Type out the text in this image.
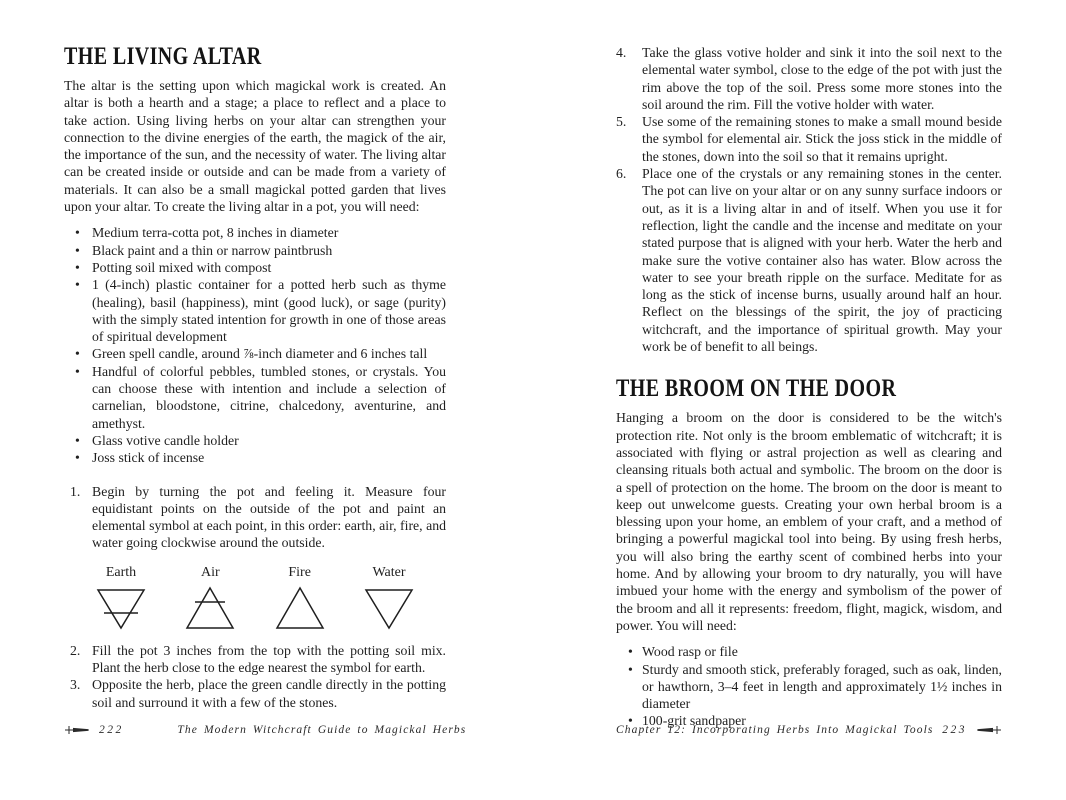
THE LIVING ALTAR

The altar is the setting upon which magickal work is created. An altar is both a hearth and a stage; a place to reflect and a place to take action. Using living herbs on your altar can strengthen your connection to the divine energies of the earth, the magick of the air, the importance of the sun, and the necessity of water. The living altar can be created inside or outside and can be made from a variety of materials. It can also be a small magickal potted garden that lives upon your altar. To create the living altar in a pot, you will need:

• Medium terra-cotta pot, 8 inches in diameter
• Black paint and a thin or narrow paintbrush
• Potting soil mixed with compost
• 1 (4-inch) plastic container for a potted herb such as thyme (healing), basil (happiness), mint (good luck), or sage (purity) with the simply stated intention for growth in one of those areas of spiritual development
• Green spell candle, around ⅞-inch diameter and 6 inches tall
• Handful of colorful pebbles, tumbled stones, or crystals. You can choose these with intention and include a selection of carnelian, bloodstone, citrine, chalcedony, aventurine, and amethyst.
• Glass votive candle holder
• Joss stick of incense
1. Begin by turning the pot and feeling it. Measure four equidistant points on the outside of the pot and paint an elemental symbol at each point, in this order: earth, air, fire, and water going clockwise around the outside.
Earth	Air	Fire	Water
2. Fill the pot 3 inches from the top with the potting soil mix. Plant the herb close to the edge nearest the symbol for earth.
3. Opposite the herb, place the green candle directly in the potting soil and surround it with a few of the stones.
4. Take the glass votive holder and sink it into the soil next to the elemental water symbol, close to the edge of the pot with just the rim above the top of the soil. Press some more stones into the soil around the rim. Fill the votive holder with water.
5. Use some of the remaining stones to make a small mound beside the symbol for elemental air. Stick the joss stick in the middle of the stones, down into the soil so that it remains upright.
6. Place one of the crystals or any remaining stones in the center. The pot can live on your altar or on any sunny surface indoors or out, as it is a living altar in and of itself. When you use it for reflection, light the candle and the incense and meditate on your stated purpose that is aligned with your herb. Water the herb and make sure the votive container also has water. Blow across the water to see your breath ripple on the surface. Meditate for as long as the stick of incense burns, usually around half an hour. Reflect on the blessings of the spirit, the joy of practicing witchcraft, and the importance of spiritual growth. May your work be of benefit to all beings.
THE BROOM ON THE DOOR

Hanging a broom on the door is considered to be the witch's protection rite. Not only is the broom emblematic of witchcraft; it is associated with flying or astral projection as well as clearing and cleansing rituals both actual and symbolic. The broom on the door is a spell of protection on the home. The broom on the door is meant to keep out unwelcome guests. Creating your own herbal broom is a blessing upon your home, an emblem of your craft, and a method of bringing a powerful magickal tool into being. By using fresh herbs, you will also bring the earthy scent of combined herbs into your home. And by allowing your broom to dry naturally, you will have imbued your home with the energy and symbolism of the power of the broom and all it represents: freedom, flight, magick, wisdom, and power. You will need:

• Wood rasp or file
• Sturdy and smooth stick, preferably foraged, such as oak, linden, or hawthorn, 3–4 feet in length and approximately 1½ inches in diameter
• 100-grit sandpaper
222	The Modern Witchcraft Guide to Magickal Herbs	Chapter 12: Incorporating Herbs Into Magickal Tools 223
